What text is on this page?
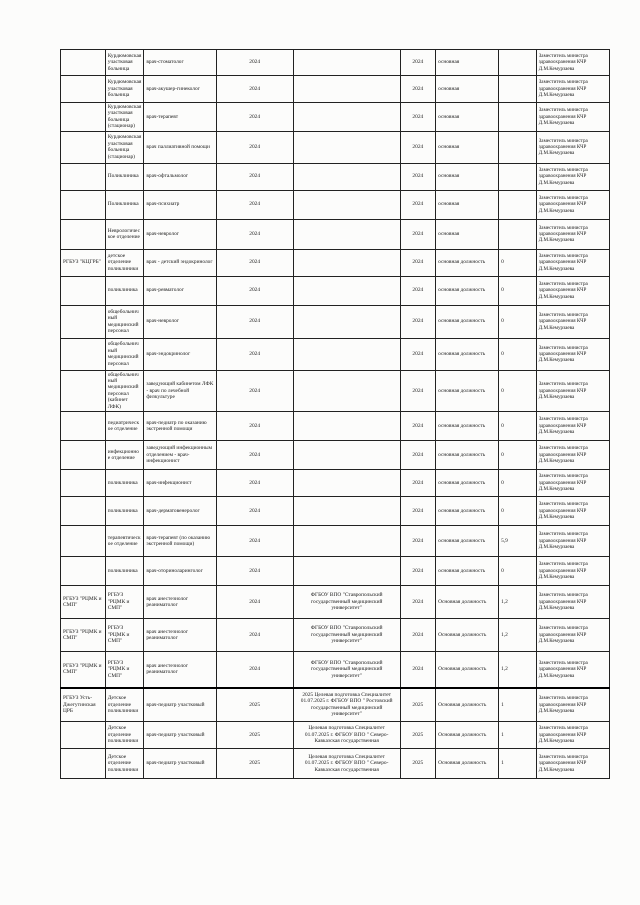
	Курдюмовская участковая больница	врач-стоматолог	2024		2024	основная		Заместитель министра здравоохранения КЧР Д.М.Кемурзаева
	Курдюмовская участковая больница	врач-акушер-гинеколог	2024		2024	основная		Заместитель министра здравоохранения КЧР Д.М.Кемурзаева
	Курдюмовская участковая больница (стационар)	врач-терапевт	2024		2024	основная		Заместитель министра здравоохранения КЧР Д.М.Кемурзаева
	Курдюмовская участковая больница (стационар)	врач паллиативной помощи	2024		2024	основная		Заместитель министра здравоохранения КЧР Д.М.Кемурзаева
	Поликлиника	врач-офтальмолог	2024		2024	основная		Заместитель министра здравоохранения КЧР Д.М.Кемурзаева
	Поликлиника	врач-психиатр	2024		2024	основная		Заместитель министра здравоохранения КЧР Д.М.Кемурзаева
	Неврологическое отделение	врач-невролог	2024		2024	основная		Заместитель министра здравоохранения КЧР Д.М.Кемурзаева
РГБУЗ "КЦГРБ"	детское отделение поликлиники	врач - детский эндокринолог	2024		2024	основная должность	0	Заместитель министра здравоохранения КЧР Д.М.Кемурзаева
	поликлиника	врач-ревматолог	2024		2024	основная должность	0	Заместитель министра здравоохранения КЧР Д.М.Кемурзаева
	общебольничный медицинский персонал	врач-невролог	2024		2024	основная должность	0	Заместитель министра здравоохранения КЧР Д.М.Кемурзаева
	общебольничный медицинский персонал	врач-эндокринолог	2024		2024	основная должность	0	Заместитель министра здравоохранения КЧР Д.М.Кемурзаева
	общебольничный медицинский персонал (кабинет ЛФК)	заведующий кабинетом ЛФК - врач по лечебной физкультуре	2024		2024	основная должность	0	Заместитель министра здравоохранения КЧР Д.М.Кемурзаева
	педиатрическое отделение	врач-педиатр по оказанию экстренной помощи	2024		2024	основная должность	0	Заместитель министра здравоохранения КЧР Д.М.Кемурзаева
	инфекционное отделение	заведующий инфекционным отделением - врач-инфекционист	2024		2024	основная должность	0	Заместитель министра здравоохранения КЧР Д.М.Кемурзаева
	поликлиника	врач-инфекционист	2024		2024	основная должность	0	Заместитель министра здравоохранения КЧР Д.М.Кемурзаева
	поликлиника	врач-дерматовенеролог	2024		2024	основная должность	0	Заместитель министра здравоохранения КЧР Д.М.Кемурзаева
	терапевтическое отделение	врач-терапевт (по оказанию экстренной помощи)	2024		2024	основная должность	5,9	Заместитель министра здравоохранения КЧР Д.М.Кемурзаева
	поликлиника	врач-оториноларинголог	2024		2024	основная должность	0	Заместитель министра здравоохранения КЧР Д.М.Кемурзаева
РГБУЗ "РЦМК и СМП"	РГБУЗ "РЦМК и СМП"	врач анестезиолог реаниматолог	2024	ФГБОУ ВПО "Ставропольский государственный медицинский университет"	2024	Основная должность	1,2	Заместитель министра здравоохранения КЧР Д.М.Кемурзаева
РГБУЗ "РЦМК и СМП"	РГБУЗ "РЦМК и СМП"	врач анестезиолог реаниматолог	2024	ФГБОУ ВПО "Ставропольский государственный медицинский университет"	2024	Основная должность	1,2	Заместитель министра здравоохранения КЧР Д.М.Кемурзаева
РГБУЗ "РЦМК и СМП"	РГБУЗ "РЦМК и СМП"	врач анестезиолог реаниматолог	2024	ФГБОУ ВПО "Ставропольский государственный медицинский университет"	2024	Основная должность	1,2	Заместитель министра здравоохранения КЧР Д.М.Кемурзаева
РГБУЗ Усть-Джегутинская ЦРБ	Детское отделение поликлиники	врач-педиатр участковый	2025	2025 Целевая подготовка Специалитет 01.07.2025 г. ФГБОУ ВПО " Ростовский государственный медицинский университет"	2025	Основная должность	1	Заместитель министра здравоохранения КЧР Д.М.Кемурзаева
	Детское отделение поликлиники	врач-педиатр участковый	2025	Целевая подготовка Специалитет 01.07.2025 г. ФГБОУ ВПО " Северо-Кавказская государственная	2025	Основная должность	1	Заместитель министра здравоохранения КЧР Д.М.Кемурзаева
	Детское отделение поликлиники	врач-педиатр участковый	2025	Целевая подготовка Специалитет 01.07.2025 г. ФГБОУ ВПО " Северо-Кавказская государственная	2025	Основная должность	1	Заместитель министра здравоохранения КЧР Д.М.Кемурзаева
